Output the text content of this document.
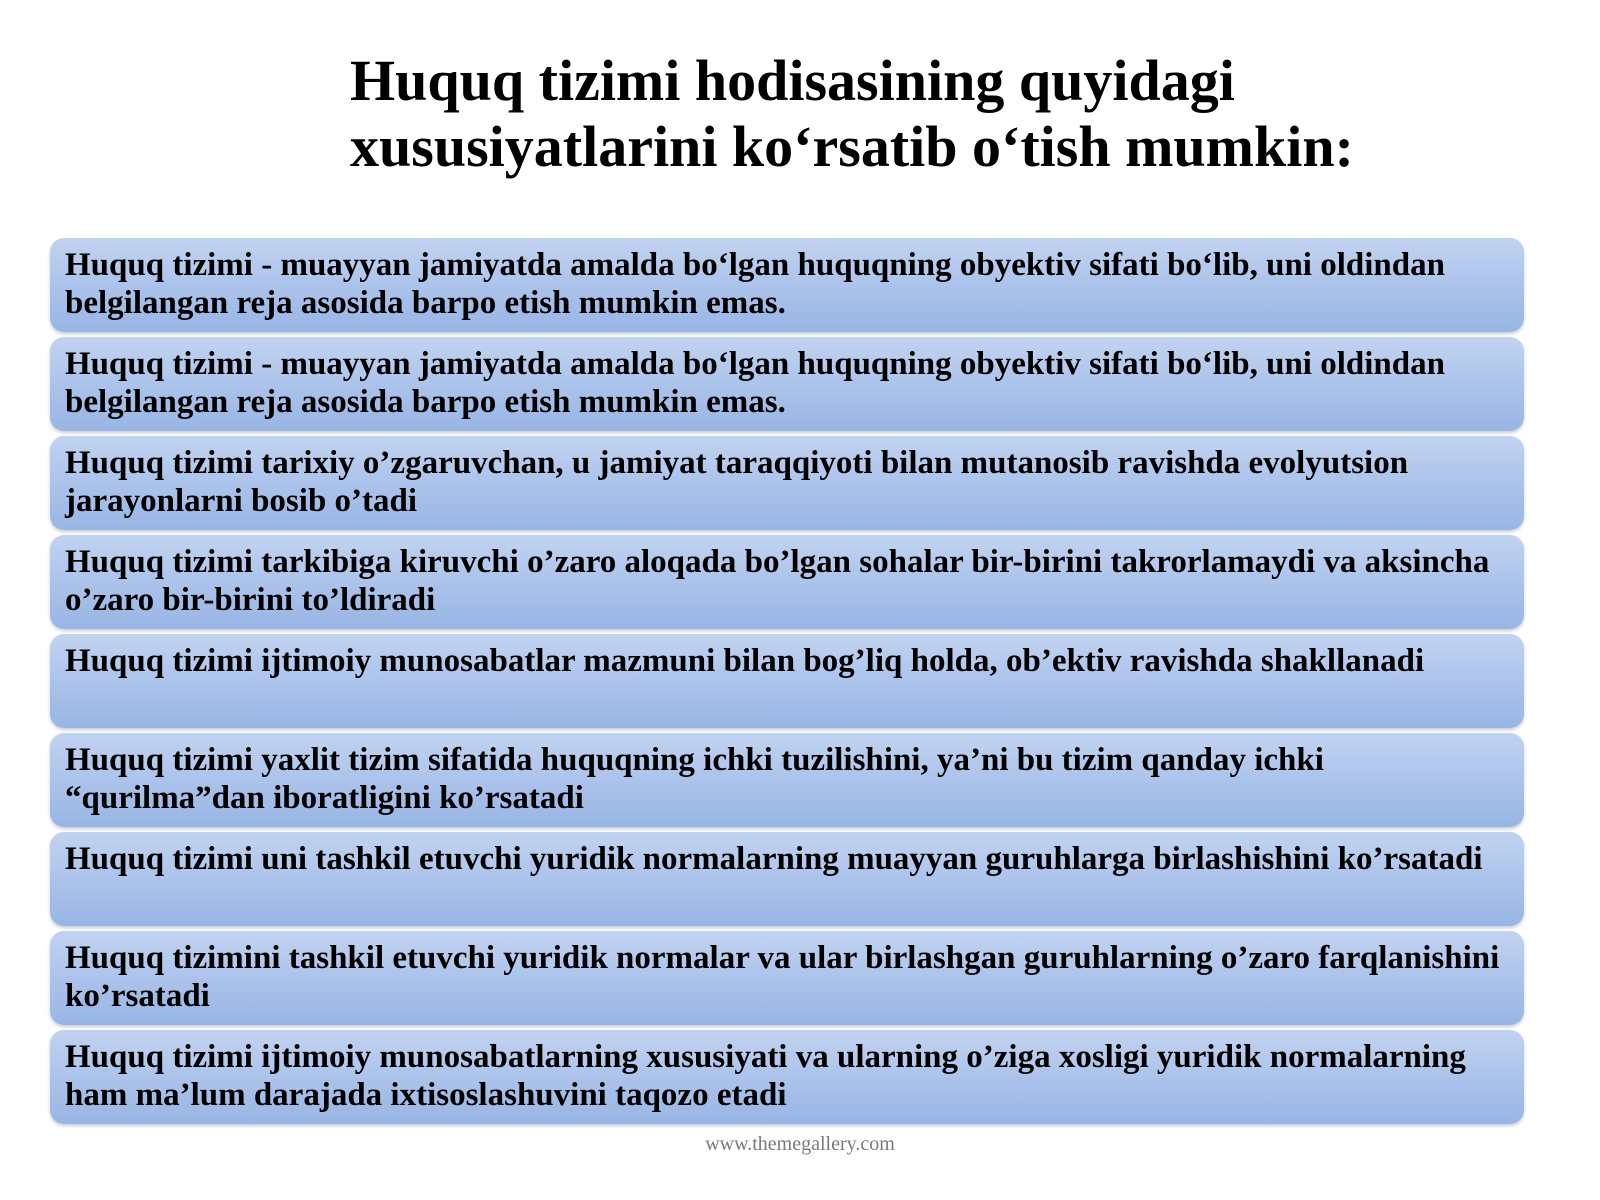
Huquq tizimi hodisasining quyidagi xususiyatlarini ko‘rsatib o‘tish mumkin:
Huquq tizimi - muayyan jamiyatda amalda bo‘lgan huquqning obyektiv sifati bo‘lib, uni oldindan belgilangan reja asosida barpo etish mumkin emas.
Huquq tizimi - muayyan jamiyatda amalda bo‘lgan huquqning obyektiv sifati bo‘lib, uni oldindan belgilangan reja asosida barpo etish mumkin emas.
Huquq tizimi tarixiy o’zgaruvchan, u jamiyat taraqqiyoti bilan mutanosib ravishda evolyutsion jarayonlarni bosib o’tadi
Huquq tizimi tarkibiga kiruvchi o’zaro aloqada bo’lgan sohalar bir-birini takrorlamaydi va aksincha o’zaro bir-birini to’ldiradi
Huquq tizimi ijtimoiy munosabatlar mazmuni bilan bog’liq holda, ob’ektiv ravishda shakllanadi
Huquq tizimi yaxlit tizim sifatida huquqning ichki tuzilishini, ya’ni bu tizim qanday ichki “qurilma”dan iboratligini ko’rsatadi
Huquq tizimi uni tashkil etuvchi yuridik normalarning muayyan guruhlarga birlashishini ko’rsatadi
Huquq tizimini tashkil etuvchi yuridik normalar va ular birlashgan guruhlarning o’zaro farqlanishini ko’rsatadi
Huquq tizimi ijtimoiy munosabatlarning xususiyati va ularning o’ziga xosligi yuridik normalarning ham ma’lum darajada ixtisoslashuvini taqozo etadi
www.themegallery.com
